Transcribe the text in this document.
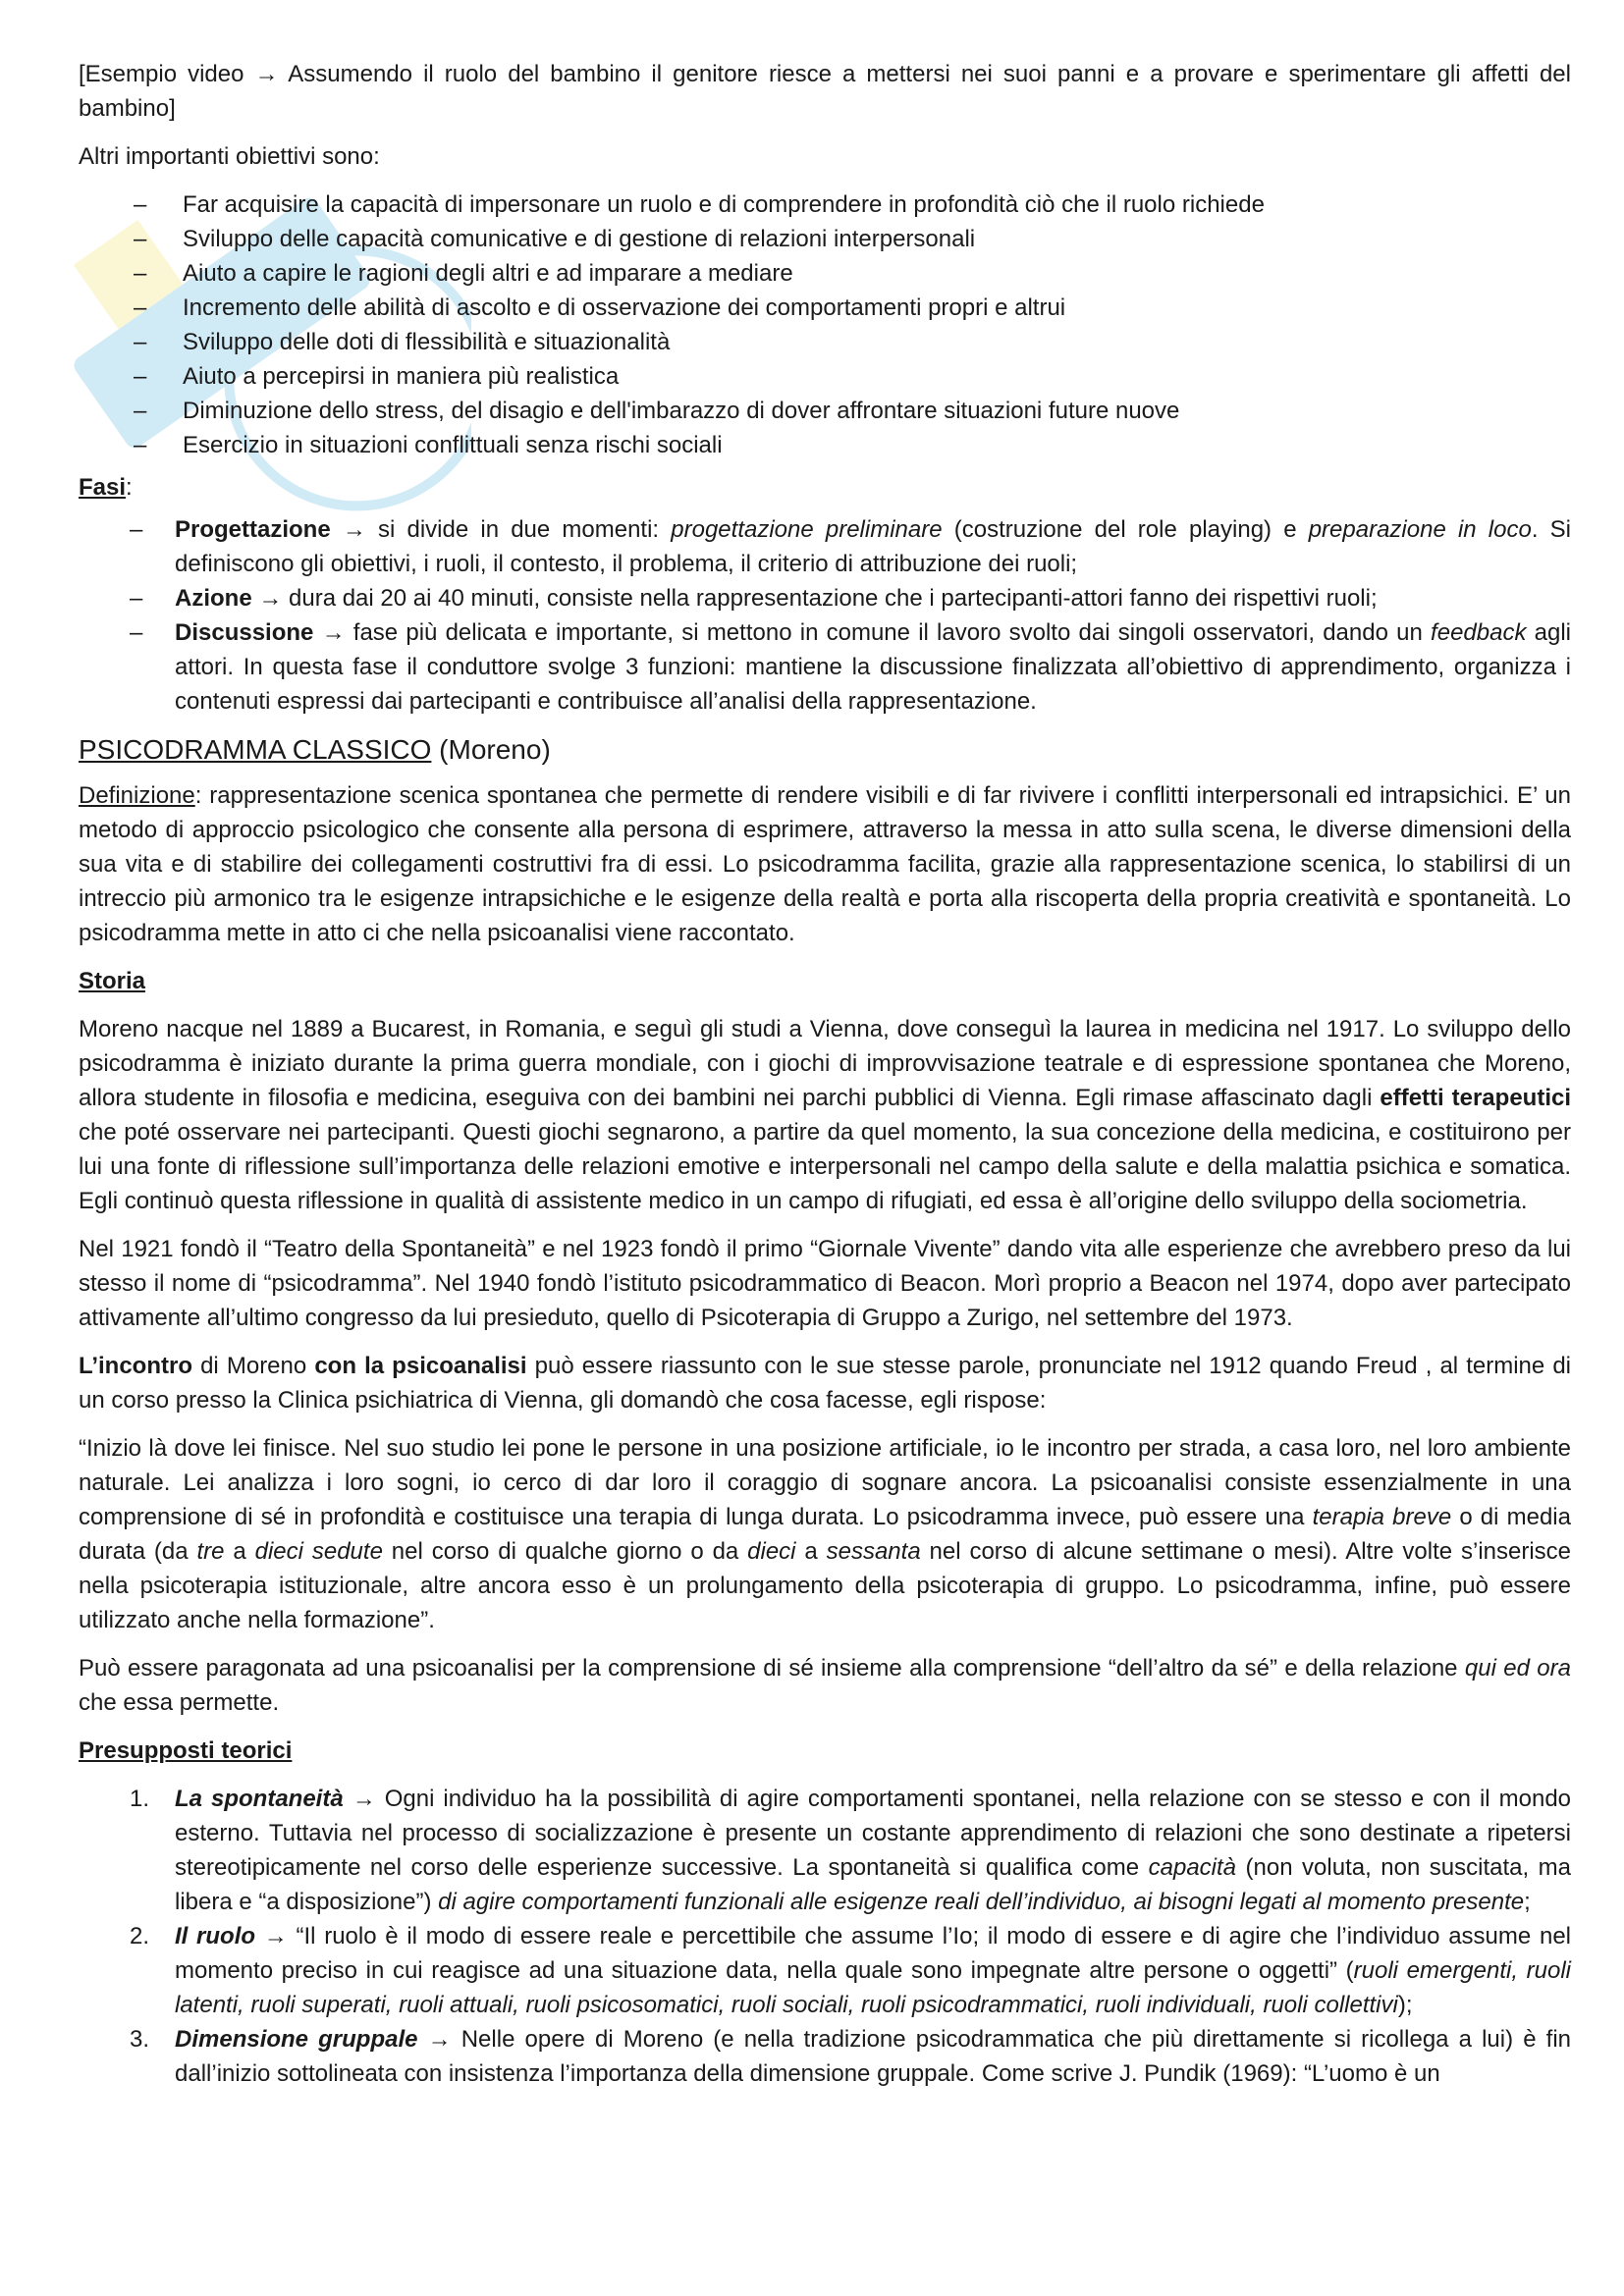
[Esempio video → Assumendo il ruolo del bambino il genitore riesce a mettersi nei suoi panni e a provare e sperimentare gli affetti del bambino]

Altri importanti obiettivi sono:

– Far acquisire la capacità di impersonare un ruolo e di comprendere in profondità ciò che il ruolo richiede
– Sviluppo delle capacità comunicative e di gestione di relazioni interpersonali
– Aiuto a capire le ragioni degli altri e ad imparare a mediare
– Incremento delle abilità di ascolto e di osservazione dei comportamenti propri e altrui
– Sviluppo delle doti di flessibilità e situazionalità
– Aiuto a percepirsi in maniera più realistica
– Diminuzione dello stress, del disagio e dell'imbarazzo di dover affrontare situazioni future nuove
– Esercizio in situazioni conflittuali senza rischi sociali

Fasi:

– Progettazione → si divide in due momenti: progettazione preliminare (costruzione del role playing) e preparazione in loco. Si definiscono gli obiettivi, i ruoli, il contesto, il problema, il criterio di attribuzione dei ruoli;
– Azione → dura dai 20 ai 40 minuti, consiste nella rappresentazione che i partecipanti-attori fanno dei rispettivi ruoli;
– Discussione → fase più delicata e importante, si mettono in comune il lavoro svolto dai singoli osservatori, dando un feedback agli attori. In questa fase il conduttore svolge 3 funzioni: mantiene la discussione finalizzata all’obiettivo di apprendimento, organizza i contenuti espressi dai partecipanti e contribuisce all’analisi della rappresentazione.
PSICODRAMMA CLASSICO (Moreno)

Definizione: rappresentazione scenica spontanea che permette di rendere visibili e di far rivivere i conflitti interpersonali ed intrapsichici. E’ un metodo di approccio psicologico che consente alla persona di esprimere, attraverso la messa in atto sulla scena, le diverse dimensioni della sua vita e di stabilire dei collegamenti costruttivi fra di essi. Lo psicodramma facilita, grazie alla rappresentazione scenica, lo stabilirsi di un intreccio più armonico tra le esigenze intrapsichiche e le esigenze della realtà e porta alla riscoperta della propria creatività e spontaneità. Lo psicodramma mette in atto ci che nella psicoanalisi viene raccontato.

Storia

Moreno nacque nel 1889 a Bucarest, in Romania, e seguì gli studi a Vienna, dove conseguì la laurea in medicina nel 1917. Lo sviluppo dello psicodramma è iniziato durante la prima guerra mondiale, con i giochi di improvvisazione teatrale e di espressione spontanea che Moreno, allora studente in filosofia e medicina, eseguiva con dei bambini nei parchi pubblici di Vienna. Egli rimase affascinato dagli effetti terapeutici che poté osservare nei partecipanti. Questi giochi segnarono, a partire da quel momento, la sua concezione della medicina, e costituirono per lui una fonte di riflessione sull’importanza delle relazioni emotive e interpersonali nel campo della salute e della malattia psichica e somatica. Egli continuò questa riflessione in qualità di assistente medico in un campo di rifugiati, ed essa è all’origine dello sviluppo della sociometria.

Nel 1921 fondò il “Teatro della Spontaneità” e nel 1923 fondò il primo “Giornale Vivente” dando vita alle esperienze che avrebbero preso da lui stesso il nome di “psicodramma”. Nel 1940 fondò l’istituto psicodrammatico di Beacon. Morì proprio a Beacon nel 1974, dopo aver partecipato attivamente all’ultimo congresso da lui presieduto, quello di Psicoterapia di Gruppo a Zurigo, nel settembre del 1973.

L’incontro di Moreno con la psicoanalisi può essere riassunto con le sue stesse parole, pronunciate nel 1912 quando Freud , al termine di un corso presso la Clinica psichiatrica di Vienna, gli domandò che cosa facesse, egli rispose:

“Inizio là dove lei finisce. Nel suo studio lei pone le persone in una posizione artificiale, io le incontro per strada, a casa loro, nel loro ambiente naturale. Lei analizza i loro sogni, io cerco di dar loro il coraggio di sognare ancora. La psicoanalisi consiste essenzialmente in una comprensione di sé in profondità e costituisce una terapia di lunga durata. Lo psicodramma invece, può essere una terapia breve o di media durata (da tre a dieci sedute nel corso di qualche giorno o da dieci a sessanta nel corso di alcune settimane o mesi). Altre volte s’inserisce nella psicoterapia istituzionale, altre ancora esso è un prolungamento della psicoterapia di gruppo. Lo psicodramma, infine, può essere utilizzato anche nella formazione”.

Può essere paragonata ad una psicoanalisi per la comprensione di sé insieme alla comprensione “dell’altro da sé” e della relazione qui ed ora che essa permette.

Presupposti teorici

1. La spontaneità → Ogni individuo ha la possibilità di agire comportamenti spontanei, nella relazione con se stesso e con il mondo esterno. Tuttavia nel processo di socializzazione è presente un costante apprendimento di relazioni che sono destinate a ripetersi stereotipicamente nel corso delle esperienze successive. La spontaneità si qualifica come capacità (non voluta, non suscitata, ma libera e “a disposizione”) di agire comportamenti funzionali alle esigenze reali dell’individuo, ai bisogni legati al momento presente;
2. Il ruolo → “Il ruolo è il modo di essere reale e percettibile che assume l’Io; il modo di essere e di agire che l’individuo assume nel momento preciso in cui reagisce ad una situazione data, nella quale sono impegnate altre persone o oggetti” (ruoli emergenti, ruoli latenti, ruoli superati, ruoli attuali, ruoli psicosomatici, ruoli sociali, ruoli psicodrammatici, ruoli individuali, ruoli collettivi);
3. Dimensione gruppale → Nelle opere di Moreno (e nella tradizione psicodrammatica che più direttamente si ricollega a lui) è fin dall’inizio sottolineata con insistenza l’importanza della dimensione gruppale. Come scrive J. Pundik (1969): “L’uomo è un
